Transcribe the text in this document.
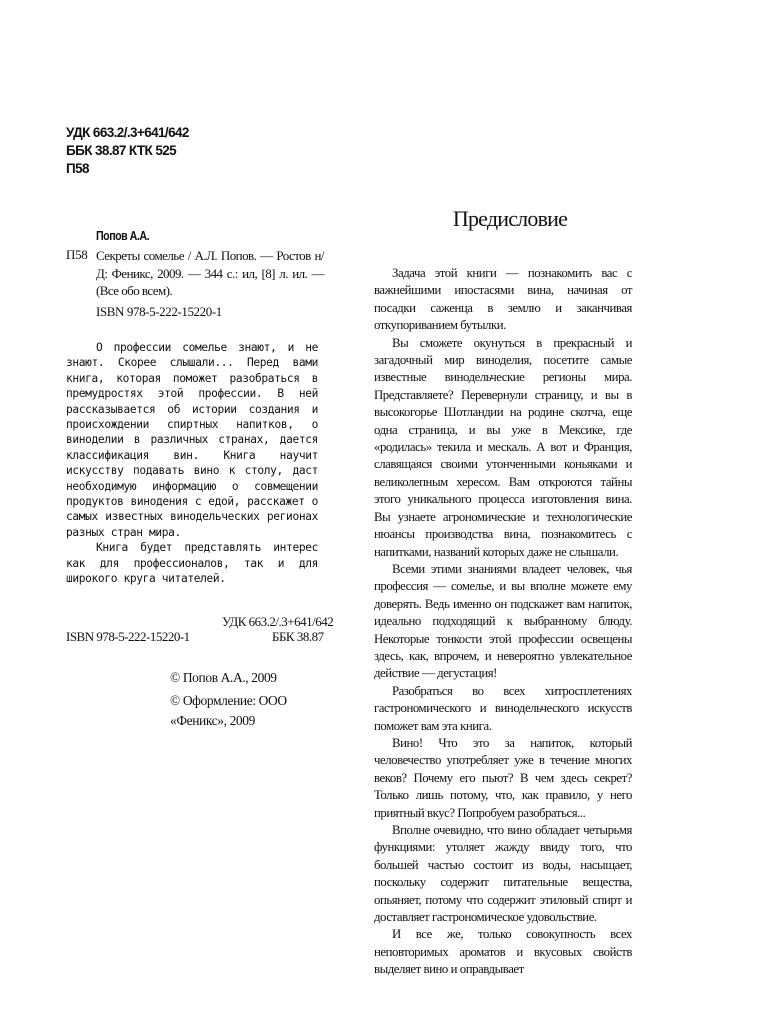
УДК 663.2/.3+641/642
ББК 38.87 КТК 525
П58
Попов А.А.
П58 Секреты сомелье / А.Л. Попов. — Ростов н/Д: Феникс, 2009. — 344 с.: ил, [8] л. ил. — (Все обо всем).
ISBN 978-5-222-15220-1

О профессии сомелье знают, и не знают. Скорее слышали... Перед вами книга, которая поможет разобраться в премудростях этой профессии. В ней рассказывается об истории создания и происхождении спиртных напитков, о виноделии в различных странах, дается классификация вин. Книга научит искусству подавать вино к столу, даст необходимую информацию о совмещении продуктов винодения с едой, расскажет о самых известных винодельческих регионах разных стран мира.

Книга будет представлять интерес как для профессионалов, так и для широкого круга читателей.

УДК 663.2/.3+641/642
ISBN 978-5-222-15220-1	ББК 38.87
© Попов А.А., 2009
© Оформление: ООО «Феникс», 2009
Предисловие

Задача этой книги — познакомить вас с важнейшими ипостасями вина, начиная от посадки саженца в землю и заканчивая откупориванием бутылки.

Вы сможете окунуться в прекрасный и загадочный мир виноделия, посетите самые известные винодельческие регионы мира. Представляете? Перевернули страницу, и вы в высокогорье Шотландии на родине скотча, еще одна страница, и вы уже в Мексике, где «родилась» текила и мескаль. А вот и Франция, славящаяся своими утонченными коньяками и великолепным хересом. Вам откроются тайны этого уникального процесса изготовления вина. Вы узнаете агрономические и технологические нюансы производства вина, познакомитесь с напитками, названий которых даже не слышали.

Всеми этими знаниями владеет человек, чья профессия — сомелье, и вы вполне можете ему доверять. Ведь именно он подскажет вам напиток, идеально подходящий к выбранному блюду. Некоторые тонкости этой профессии освещены здесь, как, впрочем, и невероятно увлекательное действие — дегустация!

Разобраться во всех хитросплетениях гастрономического и винодельческого искусств поможет вам эта книга.

Вино! Что это за напиток, который человечество употребляет уже в течение многих веков? Почему его пьют? В чем здесь секрет? Только лишь потому, что, как правило, у него приятный вкус? Попробуем разобраться...

Вполне очевидно, что вино обладает четырьмя функциями: утоляет жажду ввиду того, что большей частью состоит из воды, насыщает, поскольку содержит питательные вещества, опьяняет, потому что содержит этиловый спирт и доставляет гастрономическое удовольствие.

И все же, только совокупность всех неповторимых ароматов и вкусовых свойств выделяет вино и оправдывает
